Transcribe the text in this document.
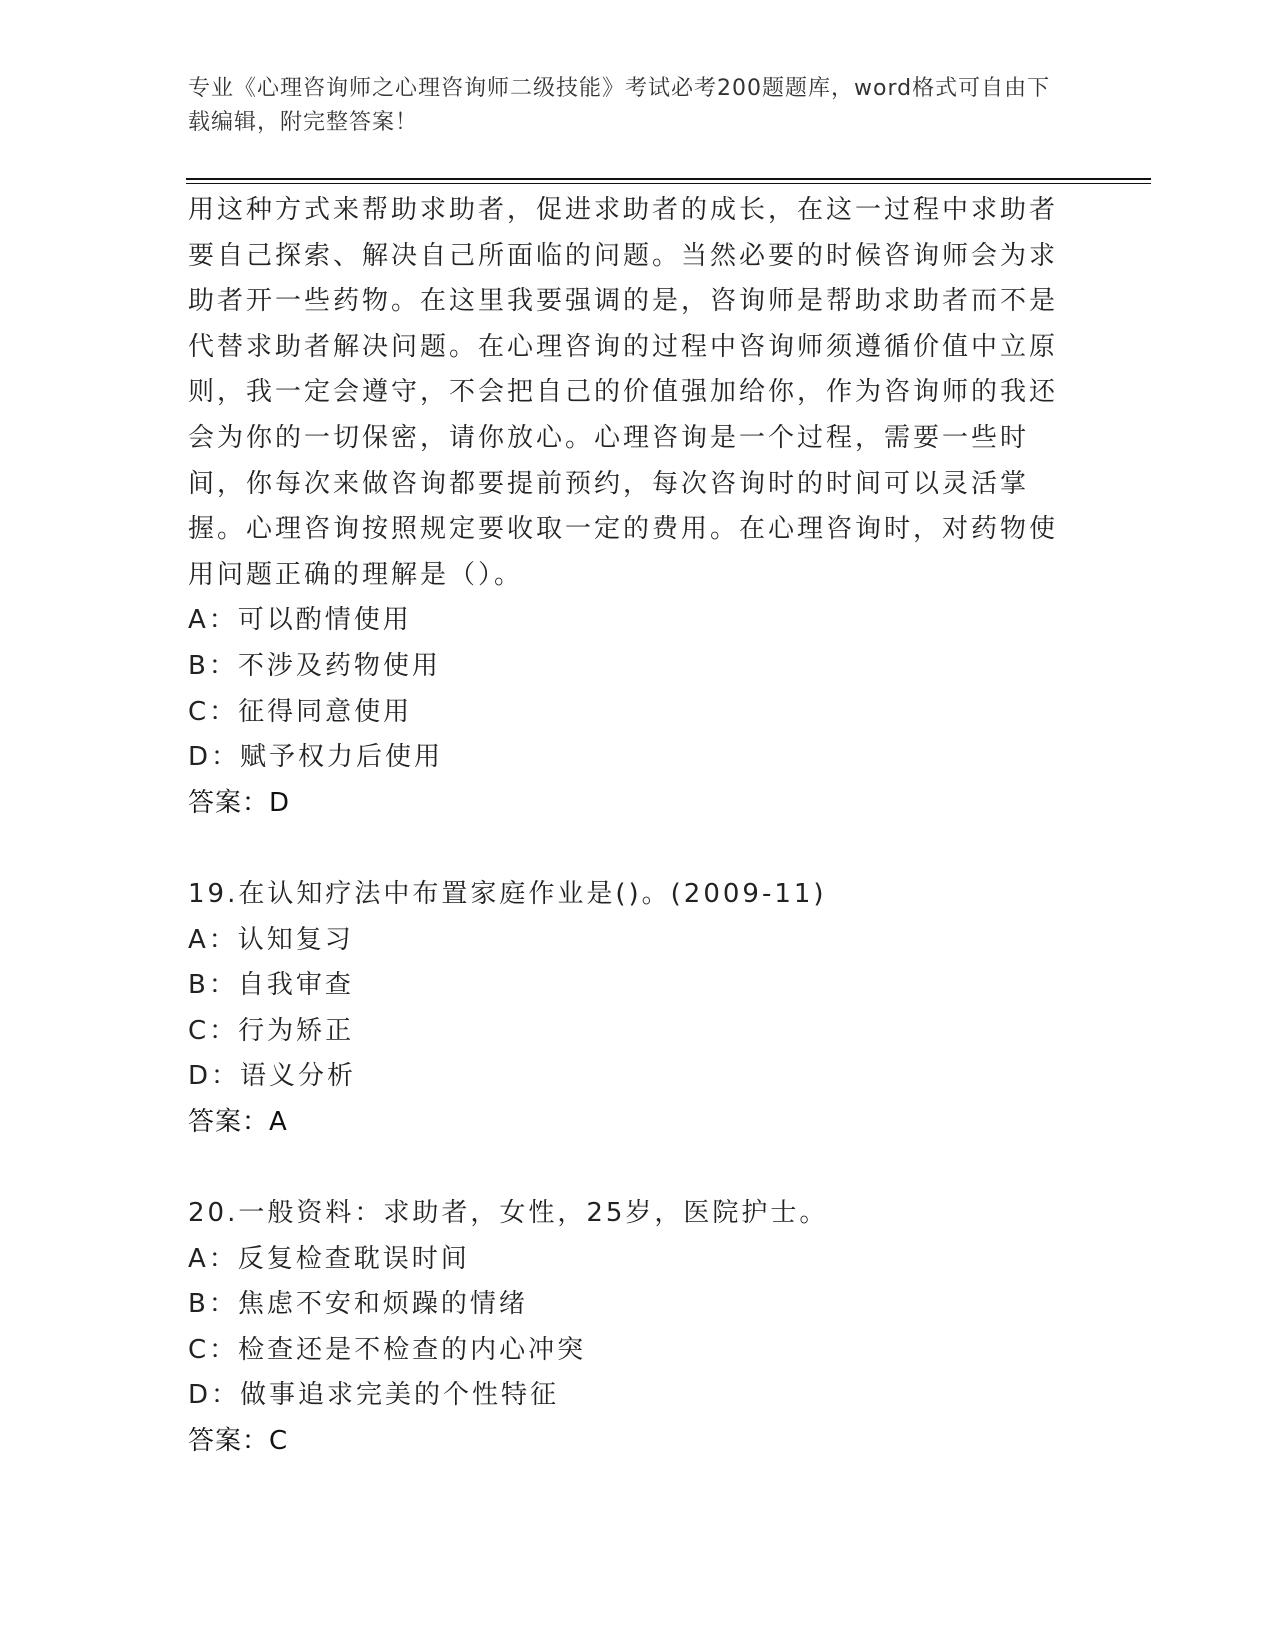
专业《心理咨询师之心理咨询师二级技能》考试必考200题题库，word格式可自由下载编辑，附完整答案！
用这种方式来帮助求助者，促进求助者的成长，在这一过程中求助者要自己探索、解决自己所面临的问题。当然必要的时候咨询师会为求助者开一些药物。在这里我要强调的是，咨询师是帮助求助者而不是代替求助者解决问题。在心理咨询的过程中咨询师须遵循价值中立原则，我一定会遵守，不会把自己的价值强加给你，作为咨询师的我还会为你的一切保密，请你放心。心理咨询是一个过程，需要一些时间，你每次来做咨询都要提前预约，每次咨询时的时间可以灵活掌握。心理咨询按照规定要收取一定的费用。在心理咨询时，对药物使用问题正确的理解是（）。
A：可以酌情使用
B：不涉及药物使用
C：征得同意使用
D：赋予权力后使用
答案：D
19.在认知疗法中布置家庭作业是()。(2009-11)
A：认知复习
B：自我审查
C：行为矫正
D：语义分析
答案：A
20.一般资料：求助者，女性，25岁，医院护士。
A：反复检查耽误时间
B：焦虑不安和烦躁的情绪
C：检查还是不检查的内心冲突
D：做事追求完美的个性特征
答案：C
